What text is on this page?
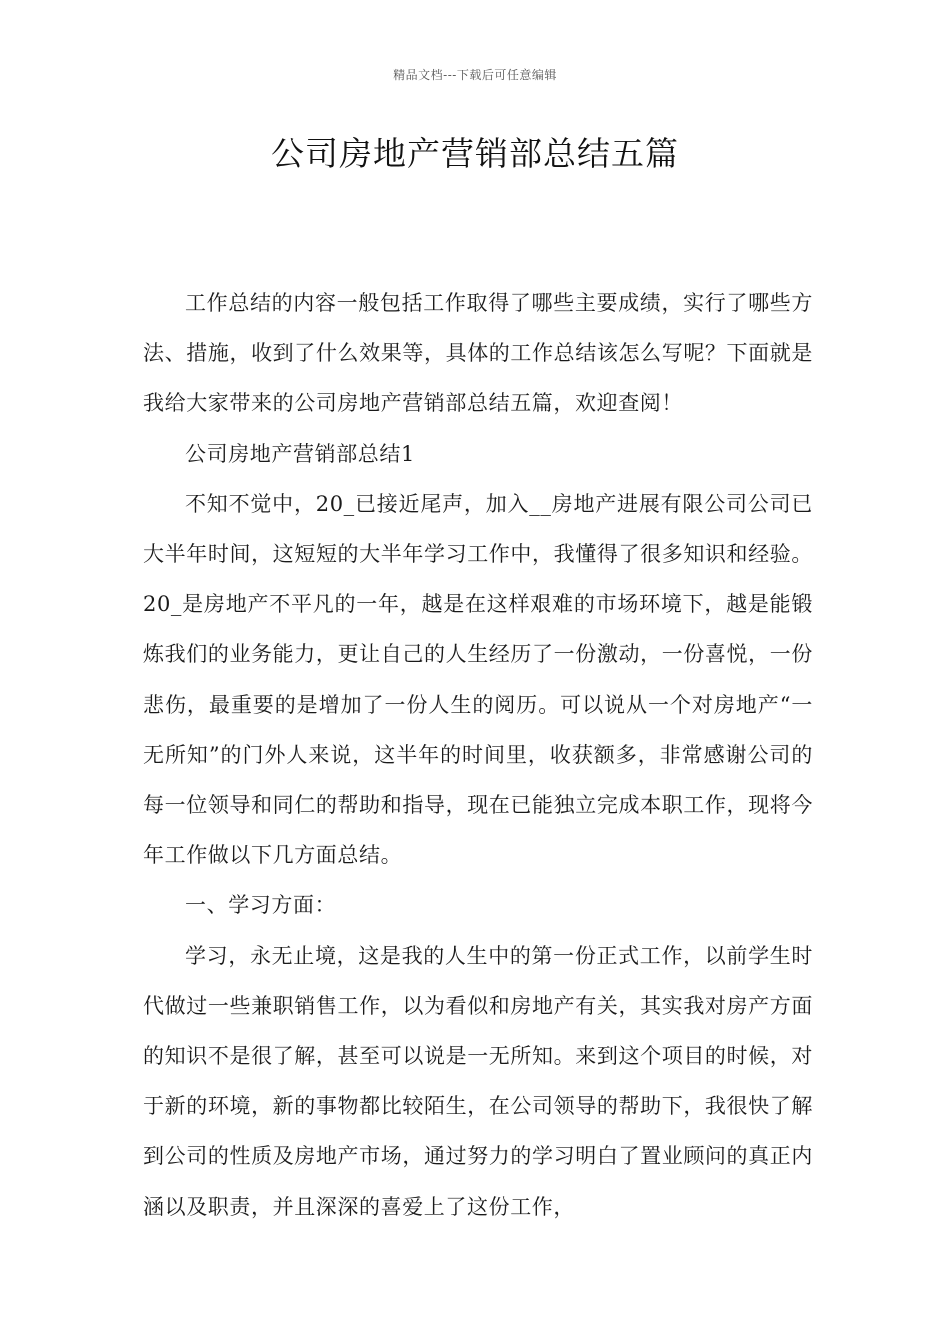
精品文档---下载后可任意编辑
公司房地产营销部总结五篇

工作总结的内容一般包括工作取得了哪些主要成绩，实行了哪些方法、措施，收到了什么效果等，具体的工作总结该怎么写呢？下面就是我给大家带来的公司房地产营销部总结五篇，欢迎查阅！

公司房地产营销部总结1

不知不觉中，20_已接近尾声，加入__房地产进展有限公司公司已大半年时间，这短短的大半年学习工作中，我懂得了很多知识和经验。20_是房地产不平凡的一年，越是在这样艰难的市场环境下，越是能锻炼我们的业务能力，更让自己的人生经历了一份激动，一份喜悦，一份悲伤，最重要的是增加了一份人生的阅历。可以说从一个对房地产“一无所知”的门外人来说，这半年的时间里，收获额多，非常感谢公司的每一位领导和同仁的帮助和指导，现在已能独立完成本职工作，现将今年工作做以下几方面总结。

一、学习方面：

学习，永无止境，这是我的人生中的第一份正式工作，以前学生时代做过一些兼职销售工作，以为看似和房地产有关，其实我对房产方面的知识不是很了解，甚至可以说是一无所知。来到这个项目的时候，对于新的环境，新的事物都比较陌生，在公司领导的帮助下，我很快了解到公司的性质及房地产市场，通过努力的学习明白了置业顾问的真正内涵以及职责，并且深深的喜爱上了这份工作，
